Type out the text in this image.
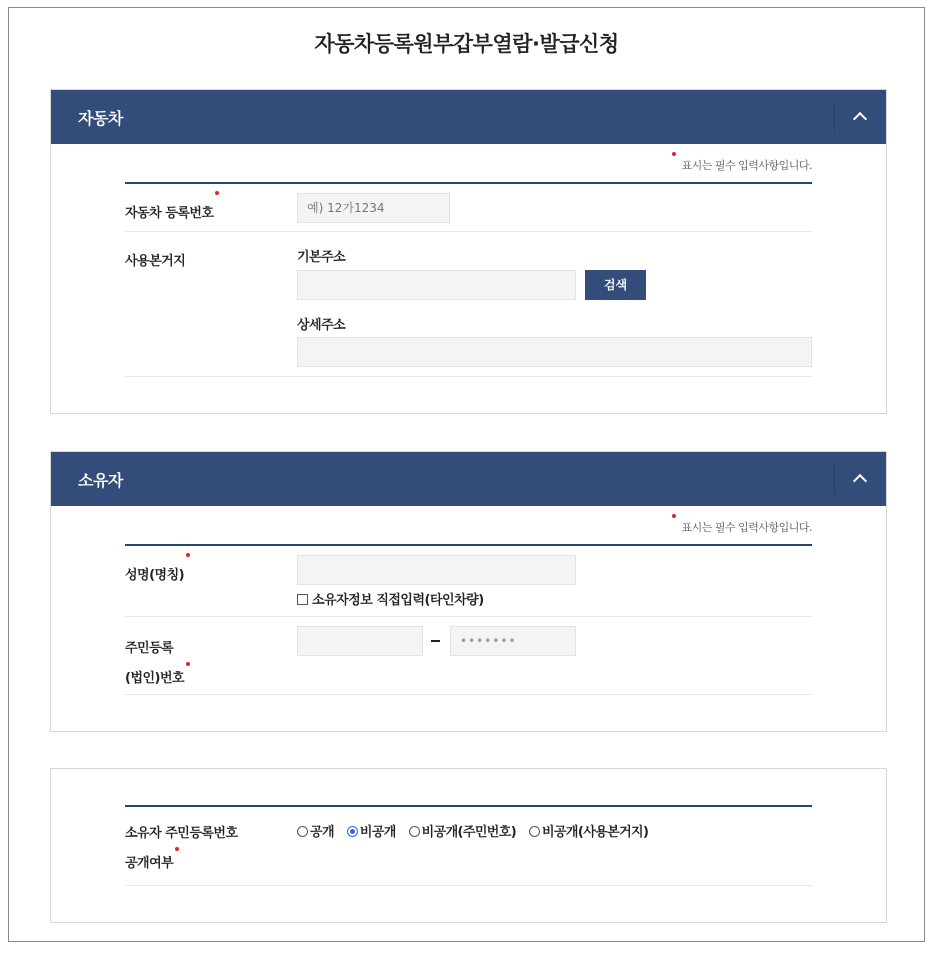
자동차등록원부갑부열람·발급신청
자동차
표시는 필수 입력사항입니다.
자동차 등록번호
예) 12가1234
사용본거지	기본주소
검색
상세주소
소유자
표시는 필수 입력사항입니다.
성명(명칭)
소유자정보 직접입력(타인차량)
주민등록
(법인)번호
•••••••
소유자 주민등록번호
공개여부
공개 비공개 비공개(주민번호) 비공개(사용본거지)
